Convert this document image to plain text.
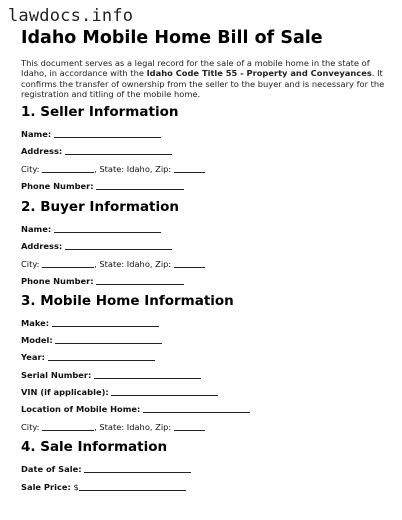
lawdocs.info
Idaho Mobile Home Bill of Sale

This document serves as a legal record for the sale of a mobile home in the state of Idaho, in accordance with the Idaho Code Title 55 - Property and Conveyances. It confirms the transfer of ownership from the seller to the buyer and is necessary for the registration and titling of the mobile home.

1. Seller Information
Name:
Address:
City:	, State: Idaho, Zip:
Phone Number:
2. Buyer Information
Name:
Address:
City:	, State: Idaho, Zip:
Phone Number:
3. Mobile Home Information
Make:
Model:
Year:
Serial Number:
VIN (if applicable):
Location of Mobile Home:
City:	, State: Idaho, Zip:
4. Sale Information
Date of Sale:
Sale Price: $
